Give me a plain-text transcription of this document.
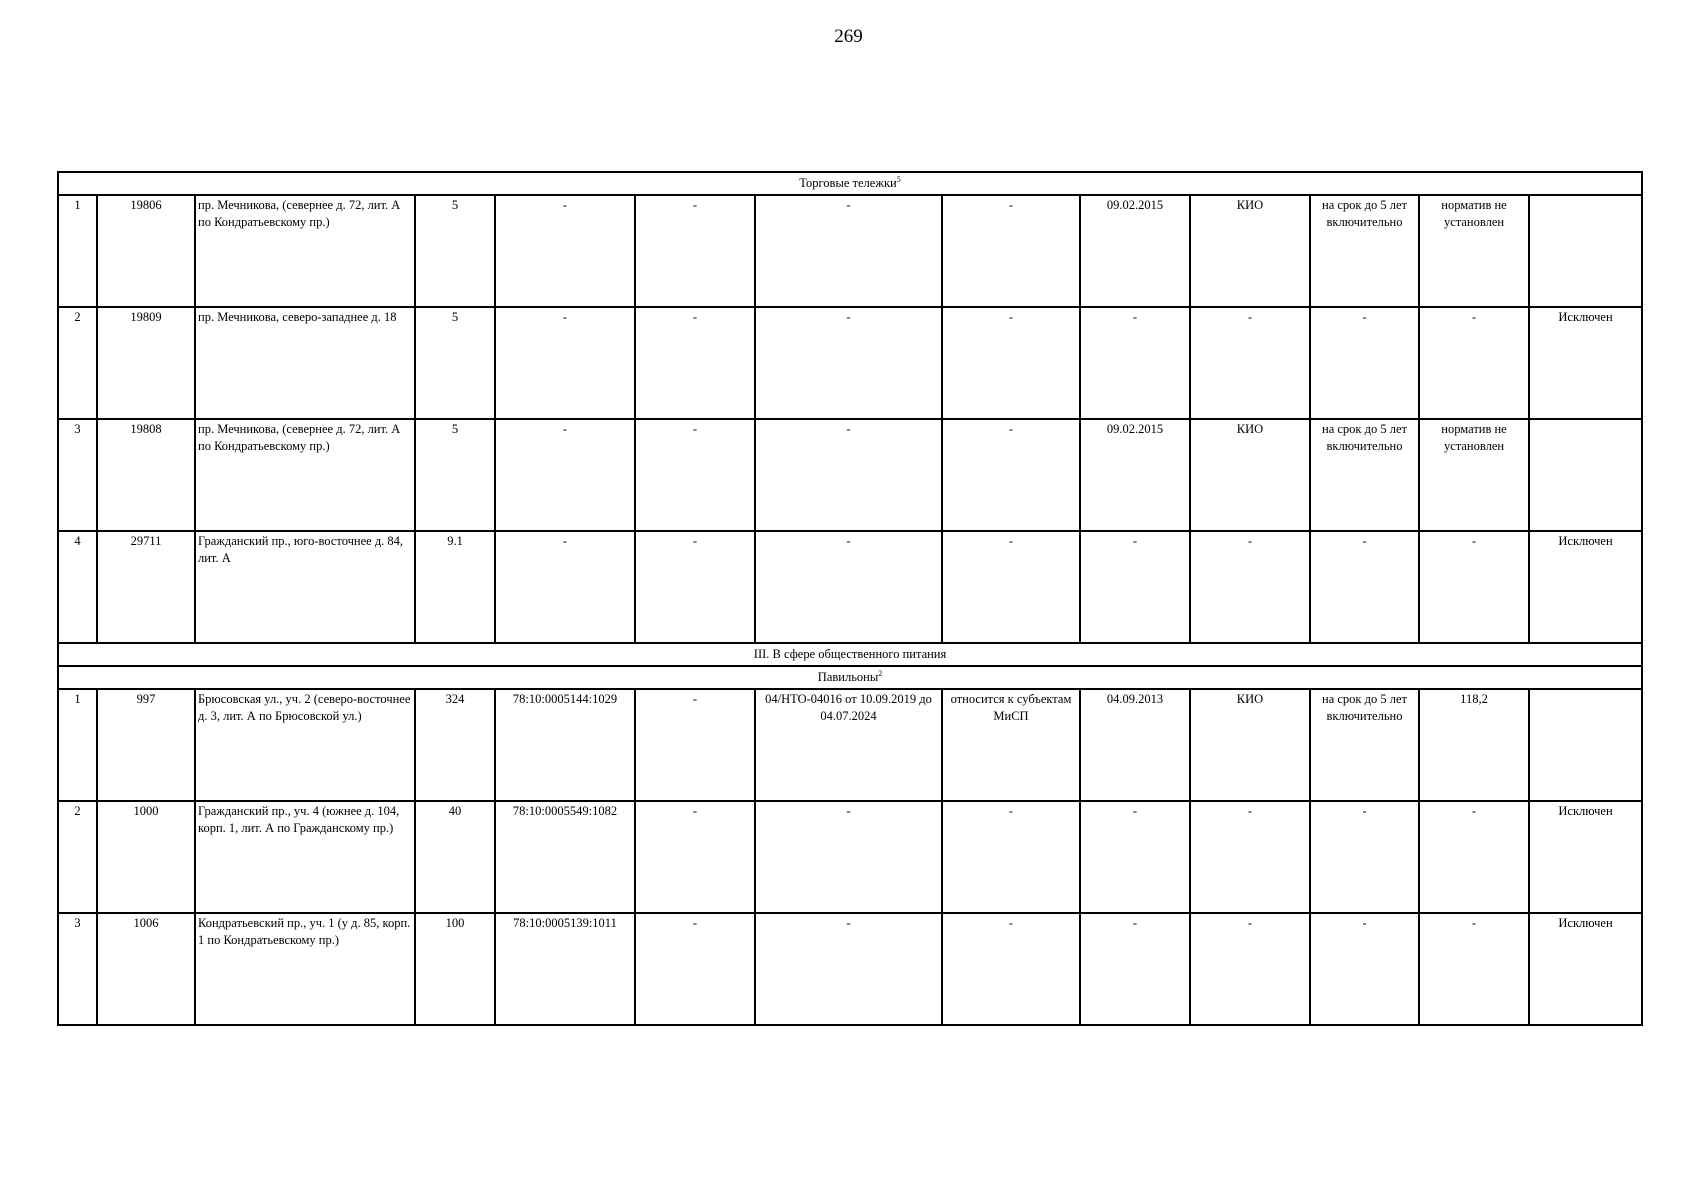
269
Торговые тележки$^5$
1	19806	пр. Мечникова, (севернее д. 72, лит. А по Кондратьевскому пр.)	5	-	-	-	-	09.02.2015	КИО	на срок до 5 лет включительно	норматив не установлен	
2	19809	пр. Мечникова, северо-западнее д. 18	5	-	-	-	-	-	-	-	-	Исключен
3	19808	пр. Мечникова, (севернее д. 72, лит. А по Кондратьевскому пр.)	5	-	-	-	-	09.02.2015	КИО	на срок до 5 лет включительно	норматив не установлен	
4	29711	Гражданский пр., юго-восточнее д. 84, лит. А	9.1	-	-	-	-	-	-	-	-	Исключен
III. В сфере общественного питания												
Павильоны$^2$
1	997	Брюсовская ул., уч. 2 (северо-восточнее д. 3, лит. А по Брюсовской ул.)	324	78:10:0005144:1029	-	04/НТО-04016 от 10.09.2019 до 04.07.2024	относится к субъектам МиСП	04.09.2013	КИО	на срок до 5 лет включительно	118,2	
2	1000	Гражданский пр., уч. 4 (южнее д. 104, корп. 1, лит. А по Гражданскому пр.)	40	78:10:0005549:1082	-	-	-	-	-	-	-	Исключен
3	1006	Кондратьевский пр., уч. 1 (у д. 85, корп. 1 по Кондратьевскому пр.)	100	78:10:0005139:1011	-	-	-	-	-	-	-	Исключен
